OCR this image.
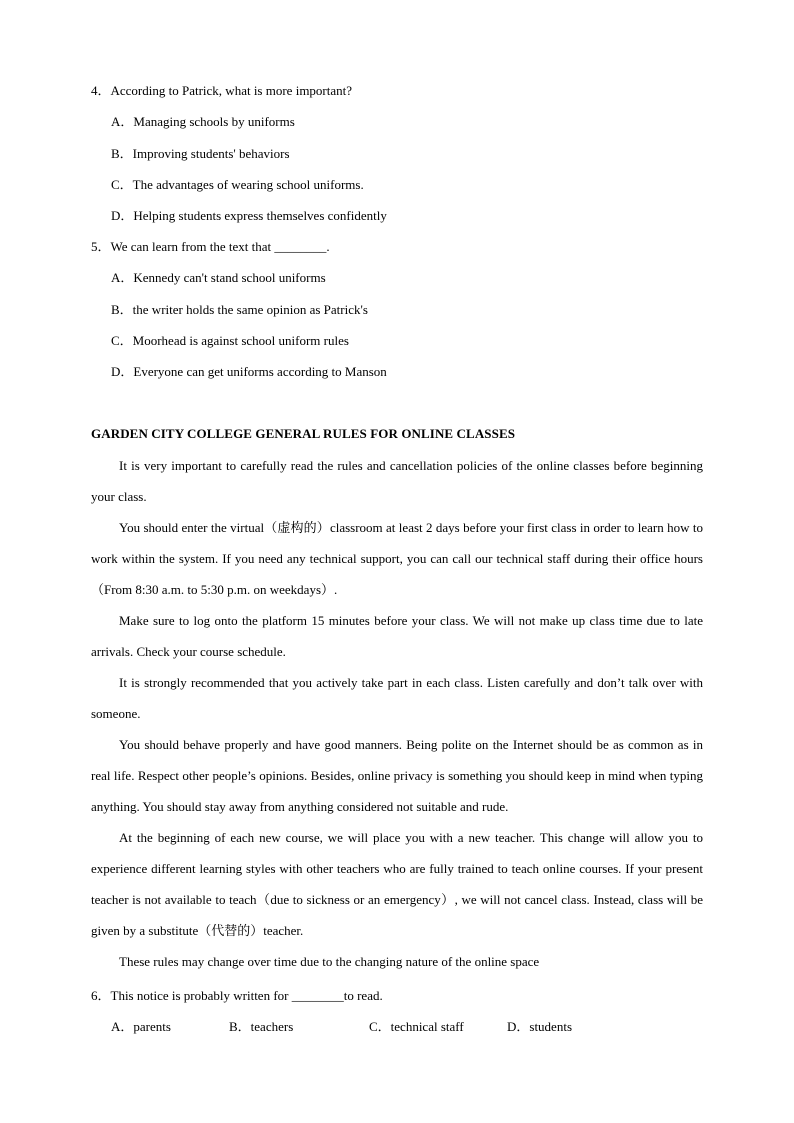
4．According to Patrick, what is more important?
A．Managing schools by uniforms
B．Improving students' behaviors
C．The advantages of wearing school uniforms.
D．Helping students express themselves confidently
5．We can learn from the text that ________.
A．Kennedy can't stand school uniforms
B．the writer holds the same opinion as Patrick's
C．Moorhead is against school uniform rules
D．Everyone can get uniforms according to Manson
GARDEN CITY COLLEGE GENERAL RULES FOR ONLINE CLASSES

It is very important to carefully read the rules and cancellation policies of the online classes before beginning your class.

You should enter the virtual（虚构的）classroom at least 2 days before your first class in order to learn how to work within the system. If you need any technical support, you can call our technical staff during their office hours（From 8:30 a.m. to 5:30 p.m. on weekdays）.

Make sure to log onto the platform 15 minutes before your class. We will not make up class time due to late arrivals. Check your course schedule.

It is strongly recommended that you actively take part in each class. Listen carefully and don’t talk over with someone.

You should behave properly and have good manners. Being polite on the Internet should be as common as in real life. Respect other people’s opinions. Besides, online privacy is something you should keep in mind when typing anything. You should stay away from anything considered not suitable and rude.

At the beginning of each new course, we will place you with a new teacher. This change will allow you to experience different learning styles with other teachers who are fully trained to teach online courses. If your present teacher is not available to teach（due to sickness or an emergency）, we will not cancel class. Instead, class will be given by a substitute（代替的）teacher.

These rules may change over time due to the changing nature of the online space

6．This notice is probably written for ________to read.
A．parents	B．teachers	C．technical staff	D．students
